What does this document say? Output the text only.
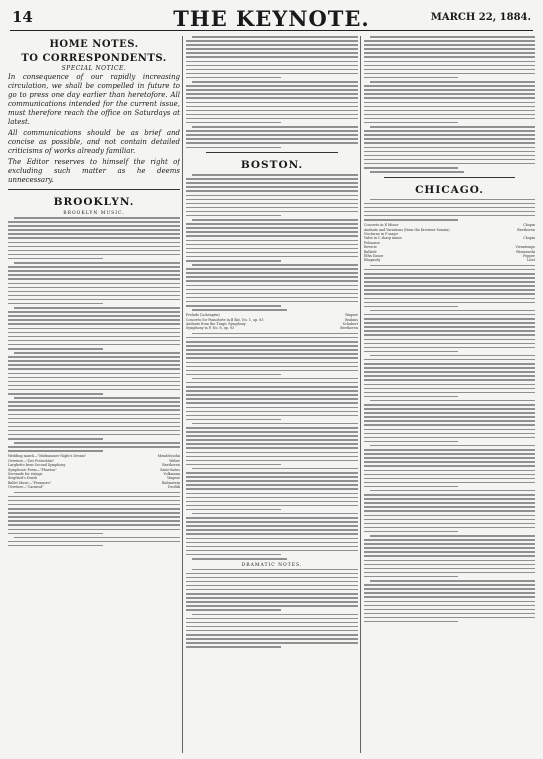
14	THE KEYNOTE.	MARCH 22, 1884.
HOME NOTES.
TO CORRESPONDENTS.
SPECIAL NOTICE.

In consequence of our rapidly increasing circulation, we shall be compelled in future to go to press one day earlier than heretofore. All communications intended for the current issue, must therefore reach the office on Saturdays at latest.

All communications should be as brief and concise as possible, and not contain detailed criticisms of works already familiar.

The Editor reserves to himself the right of excluding such matter as he deems unnecessary.

BROOKLYN.
BROOKLYN MUSIC.
Wedding march—"Midsummer Night's Dream"	Mendelssohn
Overture—"Der Freischütz"	Weber
Larghetto from Second Symphony	Beethoven
Symphonic Poem—"Phaeton"	Saint-Saëns
Serenade for strings	Volkmann
Siegfried's Death	Wagner
Ballet Music—"Feramors"	Rubinstein
Overture—"Carnival"	Dvořák
BOSTON.
Prelude (Lohengrin)	Wagner
Concerto for Pianoforte in B flat, No. 1, op. 83	Brahms
Andante from the Tragic Symphony	Schubert
Symphony in F, No. 8, op. 93	Beethoven
DRAMATIC NOTES.
CHICAGO.
Concerto in E Minor	Chopin
Andante and Variations (from the Kreutzer Sonata)	Beethoven
Nocturne in F major
Valse in C sharp minor	Chopin
Polonaise
Reverie	Vieuxtemps
Ballade	Wieniawski
Elfin Dance	Popper
Rhapsody	Liszt
